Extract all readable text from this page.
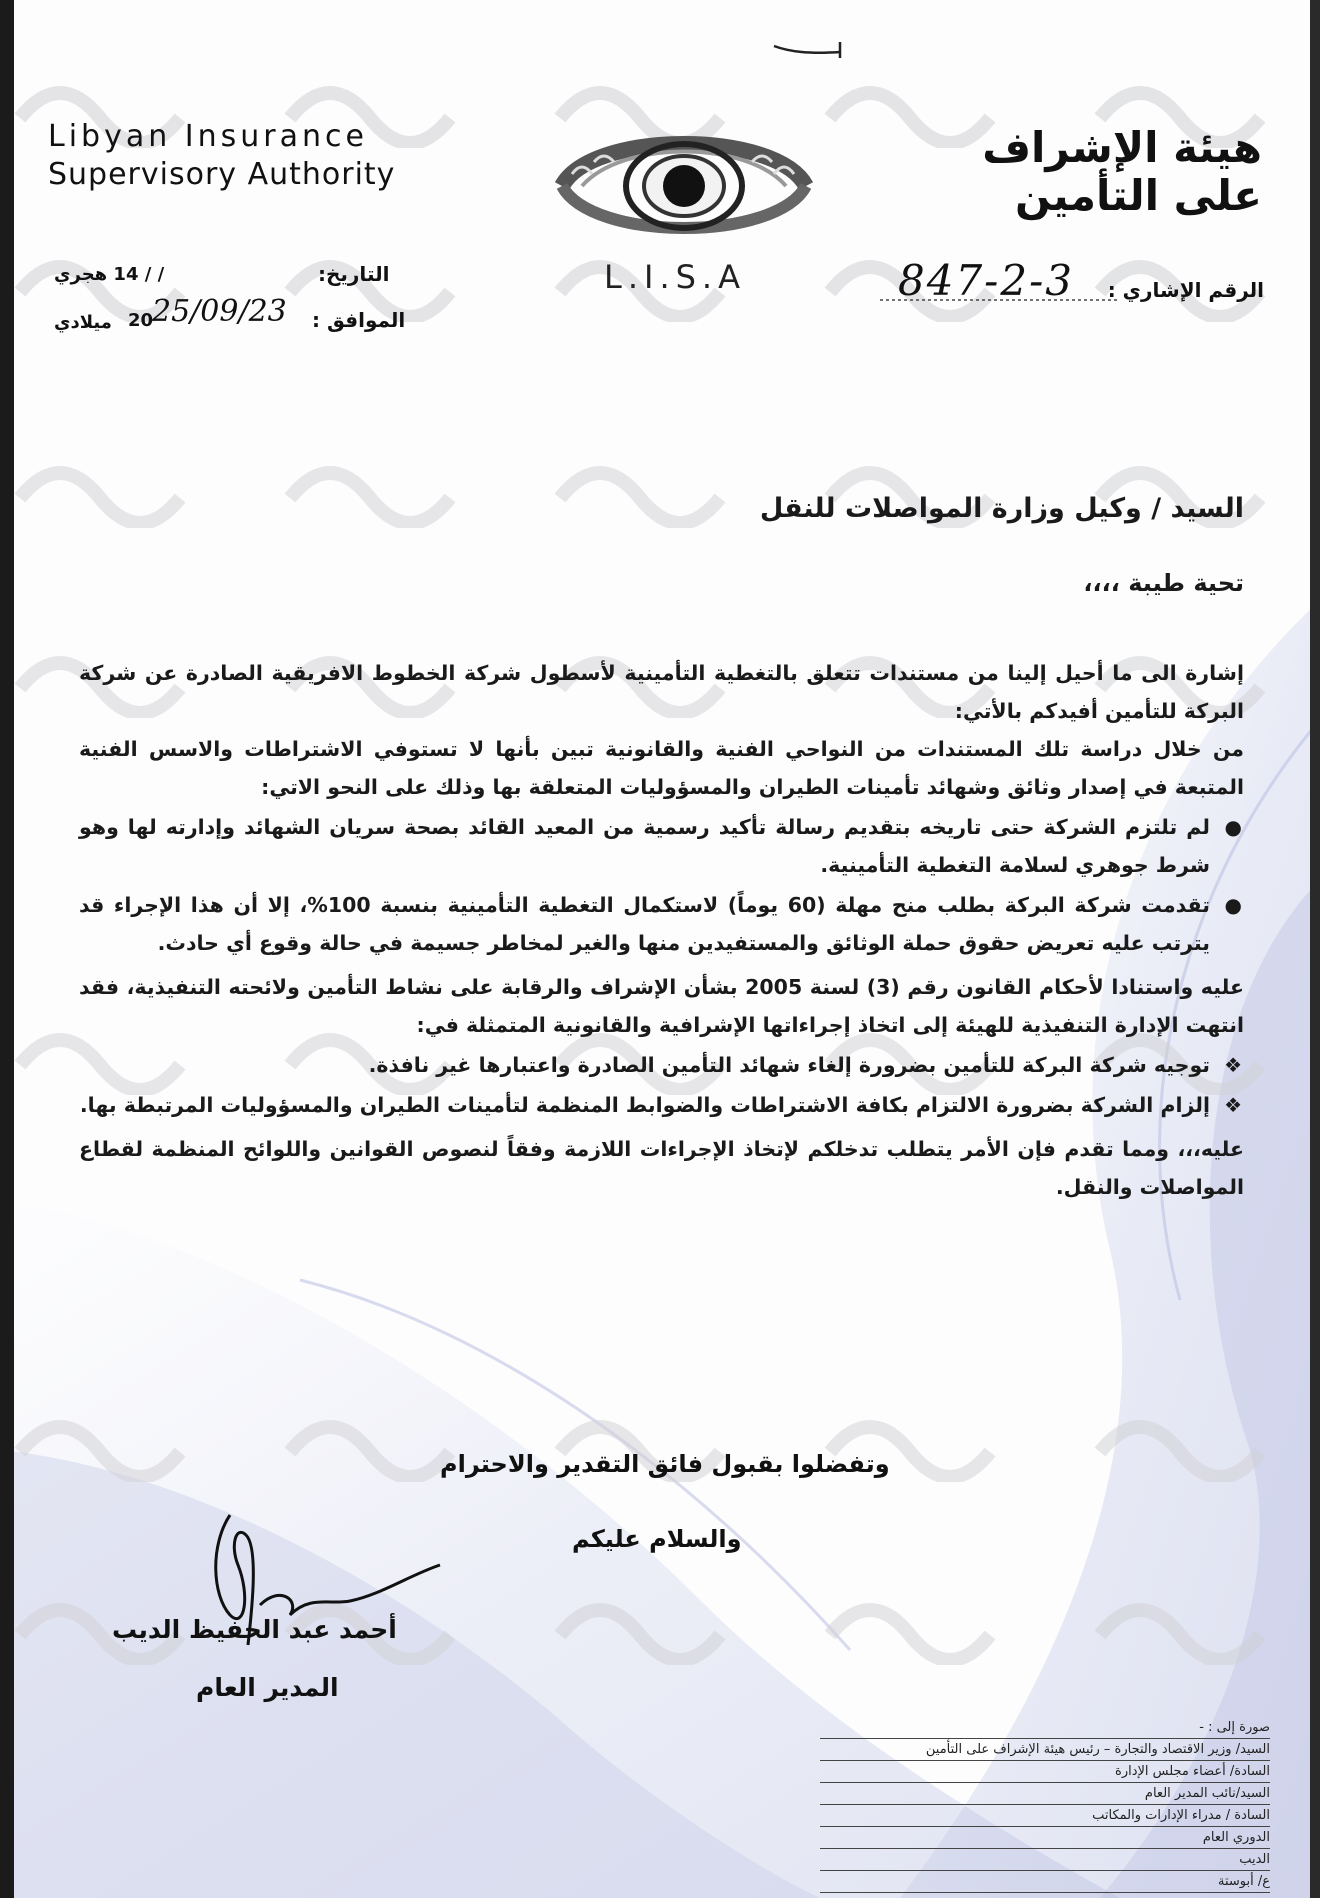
Libyan Insurance
Supervisory Authority
هيئة الإشراف
على التأمين
L.I.S.A	الرقم الإشاري :
847-2-3
التاريخ:
/ / 14 هجري
الموافق :
20
25/09/23
ميلادي

السيد / وكيل وزارة المواصلات للنقل

تحية طيبة ،،،،

إشارة الى ما أحيل إلينا من مستندات تتعلق بالتغطية التأمينية لأسطول شركة الخطوط الافريقية الصادرة عن شركة البركة للتأمين أفيدكم بالأتي:

من خلال دراسة تلك المستندات من النواحي الفنية والقانونية تبين بأنها لا تستوفي الاشتراطات والاسس الفنية المتبعة في إصدار وثائق وشهائد تأمينات الطيران والمسؤوليات المتعلقة بها وذلك على النحو الاتي:

●
لم تلتزم الشركة حتى تاريخه بتقديم رسالة تأكيد رسمية من المعيد القائد بصحة سريان الشهائد وإدارته لها وهو شرط جوهري لسلامة التغطية التأمينية.
●
تقدمت شركة البركة بطلب منح مهلة (60 يوماً) لاستكمال التغطية التأمينية بنسبة 100%، إلا أن هذا الإجراء قد يترتب عليه تعريض حقوق حملة الوثائق والمستفيدين منها والغير لمخاطر جسيمة في حالة وقوع أي حادث.

عليه واستنادا لأحكام القانون رقم (3) لسنة 2005 بشأن الإشراف والرقابة على نشاط التأمين ولائحته التنفيذية، فقد انتهت الإدارة التنفيذية للهيئة إلى اتخاذ إجراءاتها الإشرافية والقانونية المتمثلة في:

❖
توجيه شركة البركة للتأمين بضرورة إلغاء شهائد التأمين الصادرة واعتبارها غير نافذة.
❖
إلزام الشركة بضرورة الالتزام بكافة الاشتراطات والضوابط المنظمة لتأمينات الطيران والمسؤوليات المرتبطة بها.

عليه،،، ومما تقدم فإن الأمر يتطلب تدخلكم لإتخاذ الإجراءات اللازمة وفقاً لنصوص القوانين واللوائح المنظمة لقطاع المواصلات والنقل.

وتفضلوا بقبول فائق التقدير والاحترام
والسلام عليكم
أحمد عبد الحفيظ الديب
المدير العام
صورة إلى : -
السيد/ وزير الاقتصاد والتجارة – رئيس هيئة الإشراف على التأمين
السادة/ أعضاء مجلس الإدارة
السيد/نائب المدير العام
السادة / مدراء الإدارات والمكاتب
الدوري العام
الديب
ع/ أبوستة
